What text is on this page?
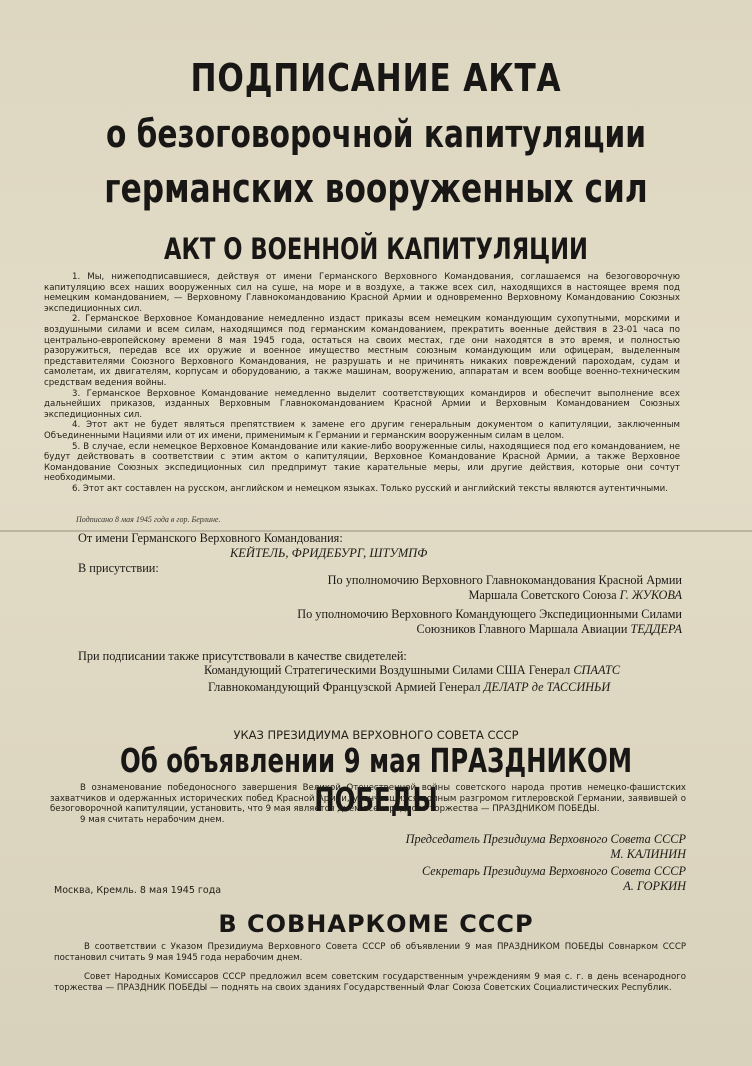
ПОДПИСАНИЕ АКТА
о безоговорочной капитуляции
германских вооруженных сил
АКТ О ВОЕННОЙ КАПИТУЛЯЦИИ

1. Мы, нижеподписавшиеся, действуя от имени Германского Верховного Командования, соглашаемся на безоговорочную капитуляцию всех наших вооруженных сил на суше, на море и в воздухе, а также всех сил, находящихся в настоящее время под немецким командованием, — Верховному Главнокомандованию Красной Армии и одновременно Верховному Командованию Союзных экспедиционных сил.

2. Германское Верховное Командование немедленно издаст приказы всем немецким командующим сухопутными, морскими и воздушными силами и всем силам, находящимся под германским командованием, прекратить военные действия в 23-01 часа по центрально-европейскому времени 8 мая 1945 года, остаться на своих местах, где они находятся в это время, и полностью разоружиться, передав все их оружие и военное имущество местным союзным командующим или офицерам, выделенным представителями Союзного Верховного Командования, не разрушать и не причинять никаких повреждений пароходам, судам и самолетам, их двигателям, корпусам и оборудованию, а также машинам, вооружению, аппаратам и всем вообще военно-техническим средствам ведения войны.

3. Германское Верховное Командование немедленно выделит соответствующих командиров и обеспечит выполнение всех дальнейших приказов, изданных Верховным Главнокомандованием Красной Армии и Верховным Командованием Союзных экспедиционных сил.

4. Этот акт не будет являться препятствием к замене его другим генеральным документом о капитуляции, заключенным Объединенными Нациями или от их имени, применимым к Германии и германским вооруженным силам в целом.

5. В случае, если немецкое Верховное Командование или какие-либо вооруженные силы, находящиеся под его командованием, не будут действовать в соответствии с этим актом о капитуляции, Верховное Командование Красной Армии, а также Верховное Командование Союзных экспедиционных сил предпримут такие карательные меры, или другие действия, которые они сочтут необходимыми.

6. Этот акт составлен на русском, английском и немецком языках. Только русский и английский тексты являются аутентичными.

Подписано 8 мая 1945 года в гор. Берлине.
От имени Германского Верховного Командования:
КЕЙТЕЛЬ, ФРИДЕБУРГ, ШТУМПФ
В присутствии:
По уполномочию Верховного Главнокомандования Красной Армии
Маршала Советского Союза Г. ЖУКОВА
По уполномочию Верховного Командующего Экспедиционными Силами
Союзников Главного Маршала Авиации ТЕДДЕРА
При подписании также присутствовали в качестве свидетелей:
Командующий Стратегическими Воздушными Силами США Генерал СПААТС
Главнокомандующий Французской Армией Генерал ДЕЛАТР де ТАССИНЬИ
УКАЗ ПРЕЗИДИУМА ВЕРХОВНОГО СОВЕТА СССР
Об объявлении 9 мая ПРАЗДНИКОМ ПОБЕДЫ

В ознаменование победоносного завершения Великой Отечественной войны советского народа против немецко-фашистских захватчиков и одержанных исторических побед Красной Армии, увенчавшихся полным разгромом гитлеровской Германии, заявившей о безоговорочной капитуляции, установить, что 9 мая является днем всенародного торжества — ПРАЗДНИКОМ ПОБЕДЫ.

9 мая считать нерабочим днем.

Председатель Президиума Верховного Совета СССР
М. КАЛИНИН
Секретарь Президиума Верховного Совета СССР
А. ГОРКИН
Москва, Кремль. 8 мая 1945 года
В СОВНАРКОМЕ СССР

В соответствии с Указом Президиума Верховного Совета СССР об объявлении 9 мая ПРАЗДНИКОМ ПОБЕДЫ Совнарком СССР постановил считать 9 мая 1945 года нерабочим днем.

Совет Народных Комиссаров СССР предложил всем советским государственным учреждениям 9 мая с. г. в день всенародного торжества — ПРАЗДНИК ПОБЕДЫ — поднять на своих зданиях Государственный Флаг Союза Советских Социалистических Республик.
